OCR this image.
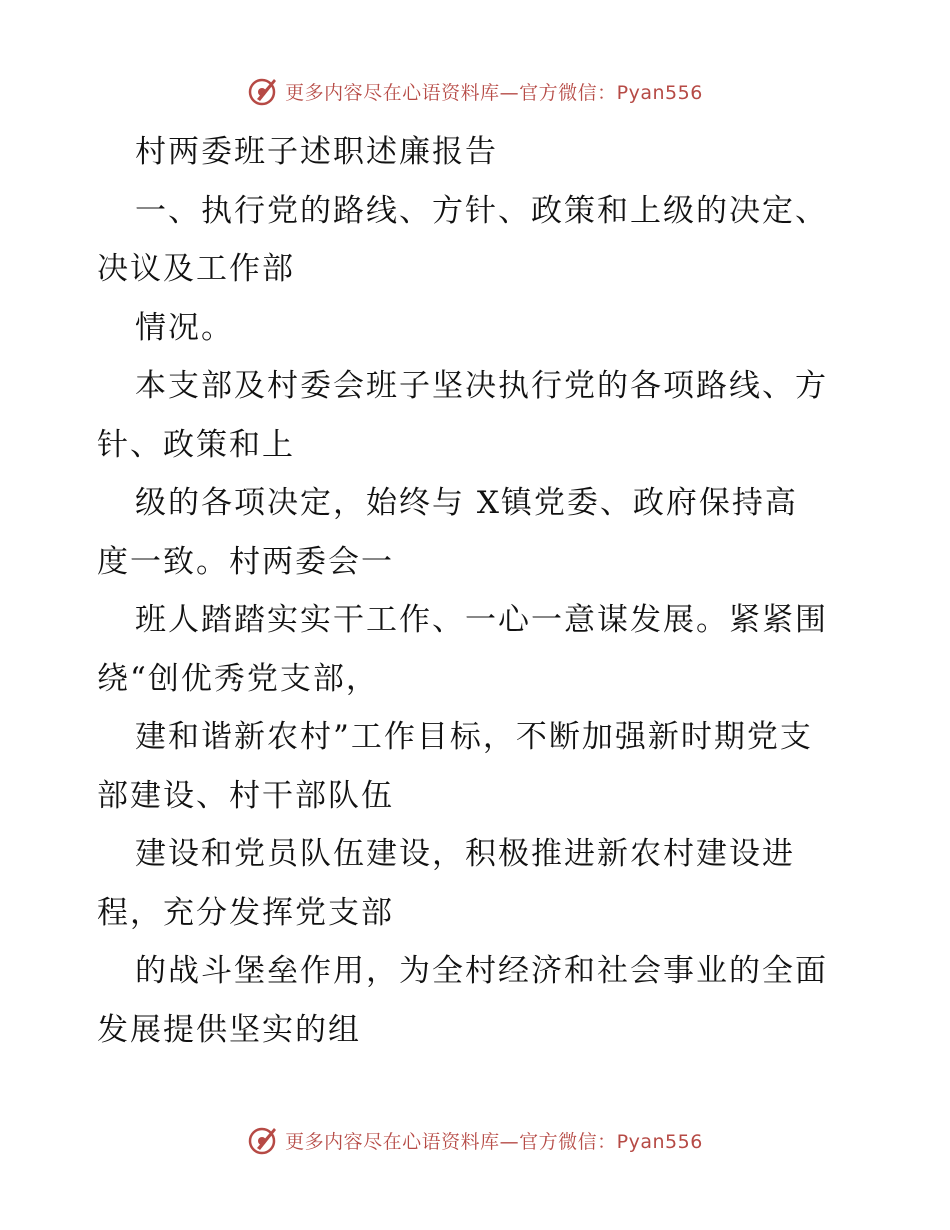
更多内容尽在心语资料库—官方微信：Pyan556
村两委班子述职述廉报告
一、执行党的路线、方针、政策和上级的决定、
决议及工作部
情况。
本支部及村委会班子坚决执行党的各项路线、方
针、政策和上
级的各项决定，始终与 X镇党委、政府保持高
度一致。村两委会一
班人踏踏实实干工作、一心一意谋发展。紧紧围
绕“创优秀党支部，
建和谐新农村”工作目标，不断加强新时期党支
部建设、村干部队伍
建设和党员队伍建设，积极推进新农村建设进
程，充分发挥党支部
的战斗堡垒作用，为全村经济和社会事业的全面
发展提供坚实的组
更多内容尽在心语资料库—官方微信：Pyan556
